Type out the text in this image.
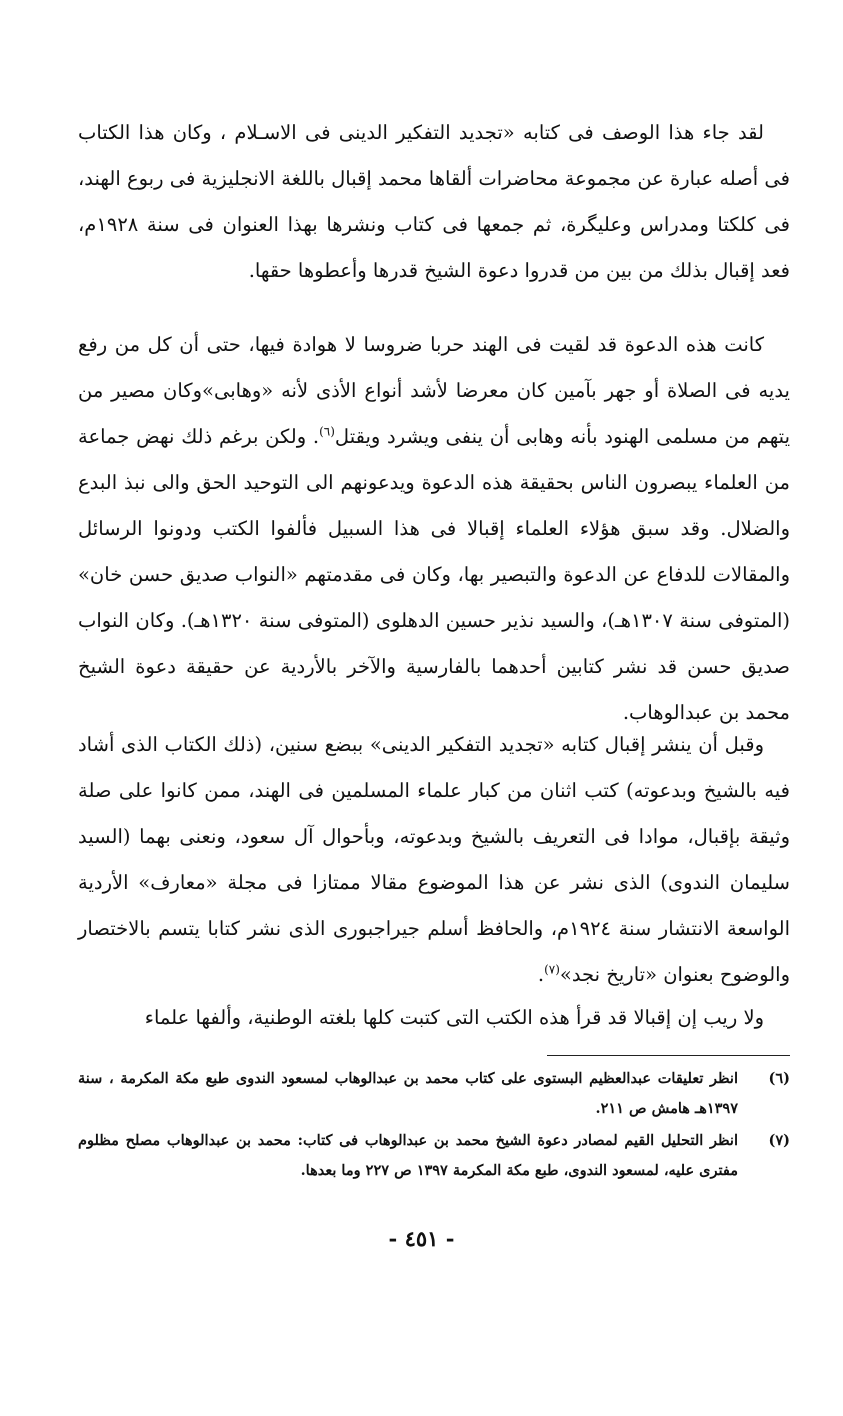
لقد جاء هذا الوصف فى كتابه «تجديد التفكير الدينى فى الاسـلام ، وكان هذا الكتاب فى أصله عبارة عن مجموعة محاضرات ألقاها محمد إقبال باللغة الانجليزية فى ربوع الهند، فى كلكتا ومدراس وعليگرة، ثم جمعها فى كتاب ونشرها بهذا العنوان فى سنة ١٩٢٨م، فعد إقبال بذلك من بين من قدروا دعوة الشيخ قدرها وأعطوها حقها.

كانت هذه الدعوة قد لقيت فى الهند حربا ضروسا لا هوادة فيها، حتى أن كل من رفع يديه فى الصلاة أو جهر بآمين كان معرضا لأشد أنواع الأذى لأنه «وهابى»وكان مصير من يتهم من مسلمى الهنود بأنه وهابى أن ينفى ويشرد ويقتل$^{(٦)}$. ولكن برغم ذلك نهض جماعة من العلماء يبصرون الناس بحقيقة هذه الدعوة ويدعونهم الى التوحيد الحق والى نبذ البدع والضلال. وقد سبق هؤلاء العلماء إقبالا فى هذا السبيل فألفوا الكتب ودونوا الرسائل والمقالات للدفاع عن الدعوة والتبصير بها، وكان فى مقدمتهم «النواب صديق حسن خان» (المتوفى سنة ١٣٠٧هـ)، والسيد نذير حسين الدهلوى (المتوفى سنة ١٣٢٠هـ). وكان النواب صديق حسن قد نشر كتابين أحدهما بالفارسية والآخر بالأردية عن حقيقة دعوة الشيخ محمد بن عبدالوهاب.

وقبل أن ينشر إقبال كتابه «تجديد التفكير الدينى» ببضع سنين، (ذلك الكتاب الذى أشاد فيه بالشيخ وبدعوته) كتب اثنان من كبار علماء المسلمين فى الهند، ممن كانوا على صلة وثيقة بإقبال، موادا فى التعريف بالشيخ وبدعوته، وبأحوال آل سعود، ونعنى بهما (السيد سليمان الندوى) الذى نشر عن هذا الموضوع مقالا ممتازا فى مجلة «معارف» الأردية الواسعة الانتشار سنة ١٩٢٤م، والحافظ أسلم جيراجبورى الذى نشر كتابا يتسم بالاختصار والوضوح بعنوان «تاريخ نجد»$^{(٧)}$.

ولا ريب إن إقبالا قد قرأ هذه الكتب التى كتبت كلها بلغته الوطنية، وألفها علماء

(٦)
انظر تعليقات عبدالعظيم البستوى على كتاب محمد بن عبدالوهاب لمسعود الندوى طبع مكة المكرمة ، سنة ١٣٩٧هـ هامش ص ٢١١.
(٧)
انظر التحليل القيم لمصادر دعوة الشيخ محمد بن عبدالوهاب فى كتاب: محمد بن عبدالوهاب مصلح مظلوم مفترى عليه، لمسعود الندوى، طبع مكة المكرمة ١٣٩٧ ص ٢٢٧ وما بعدها.
- ٤٥١ -
